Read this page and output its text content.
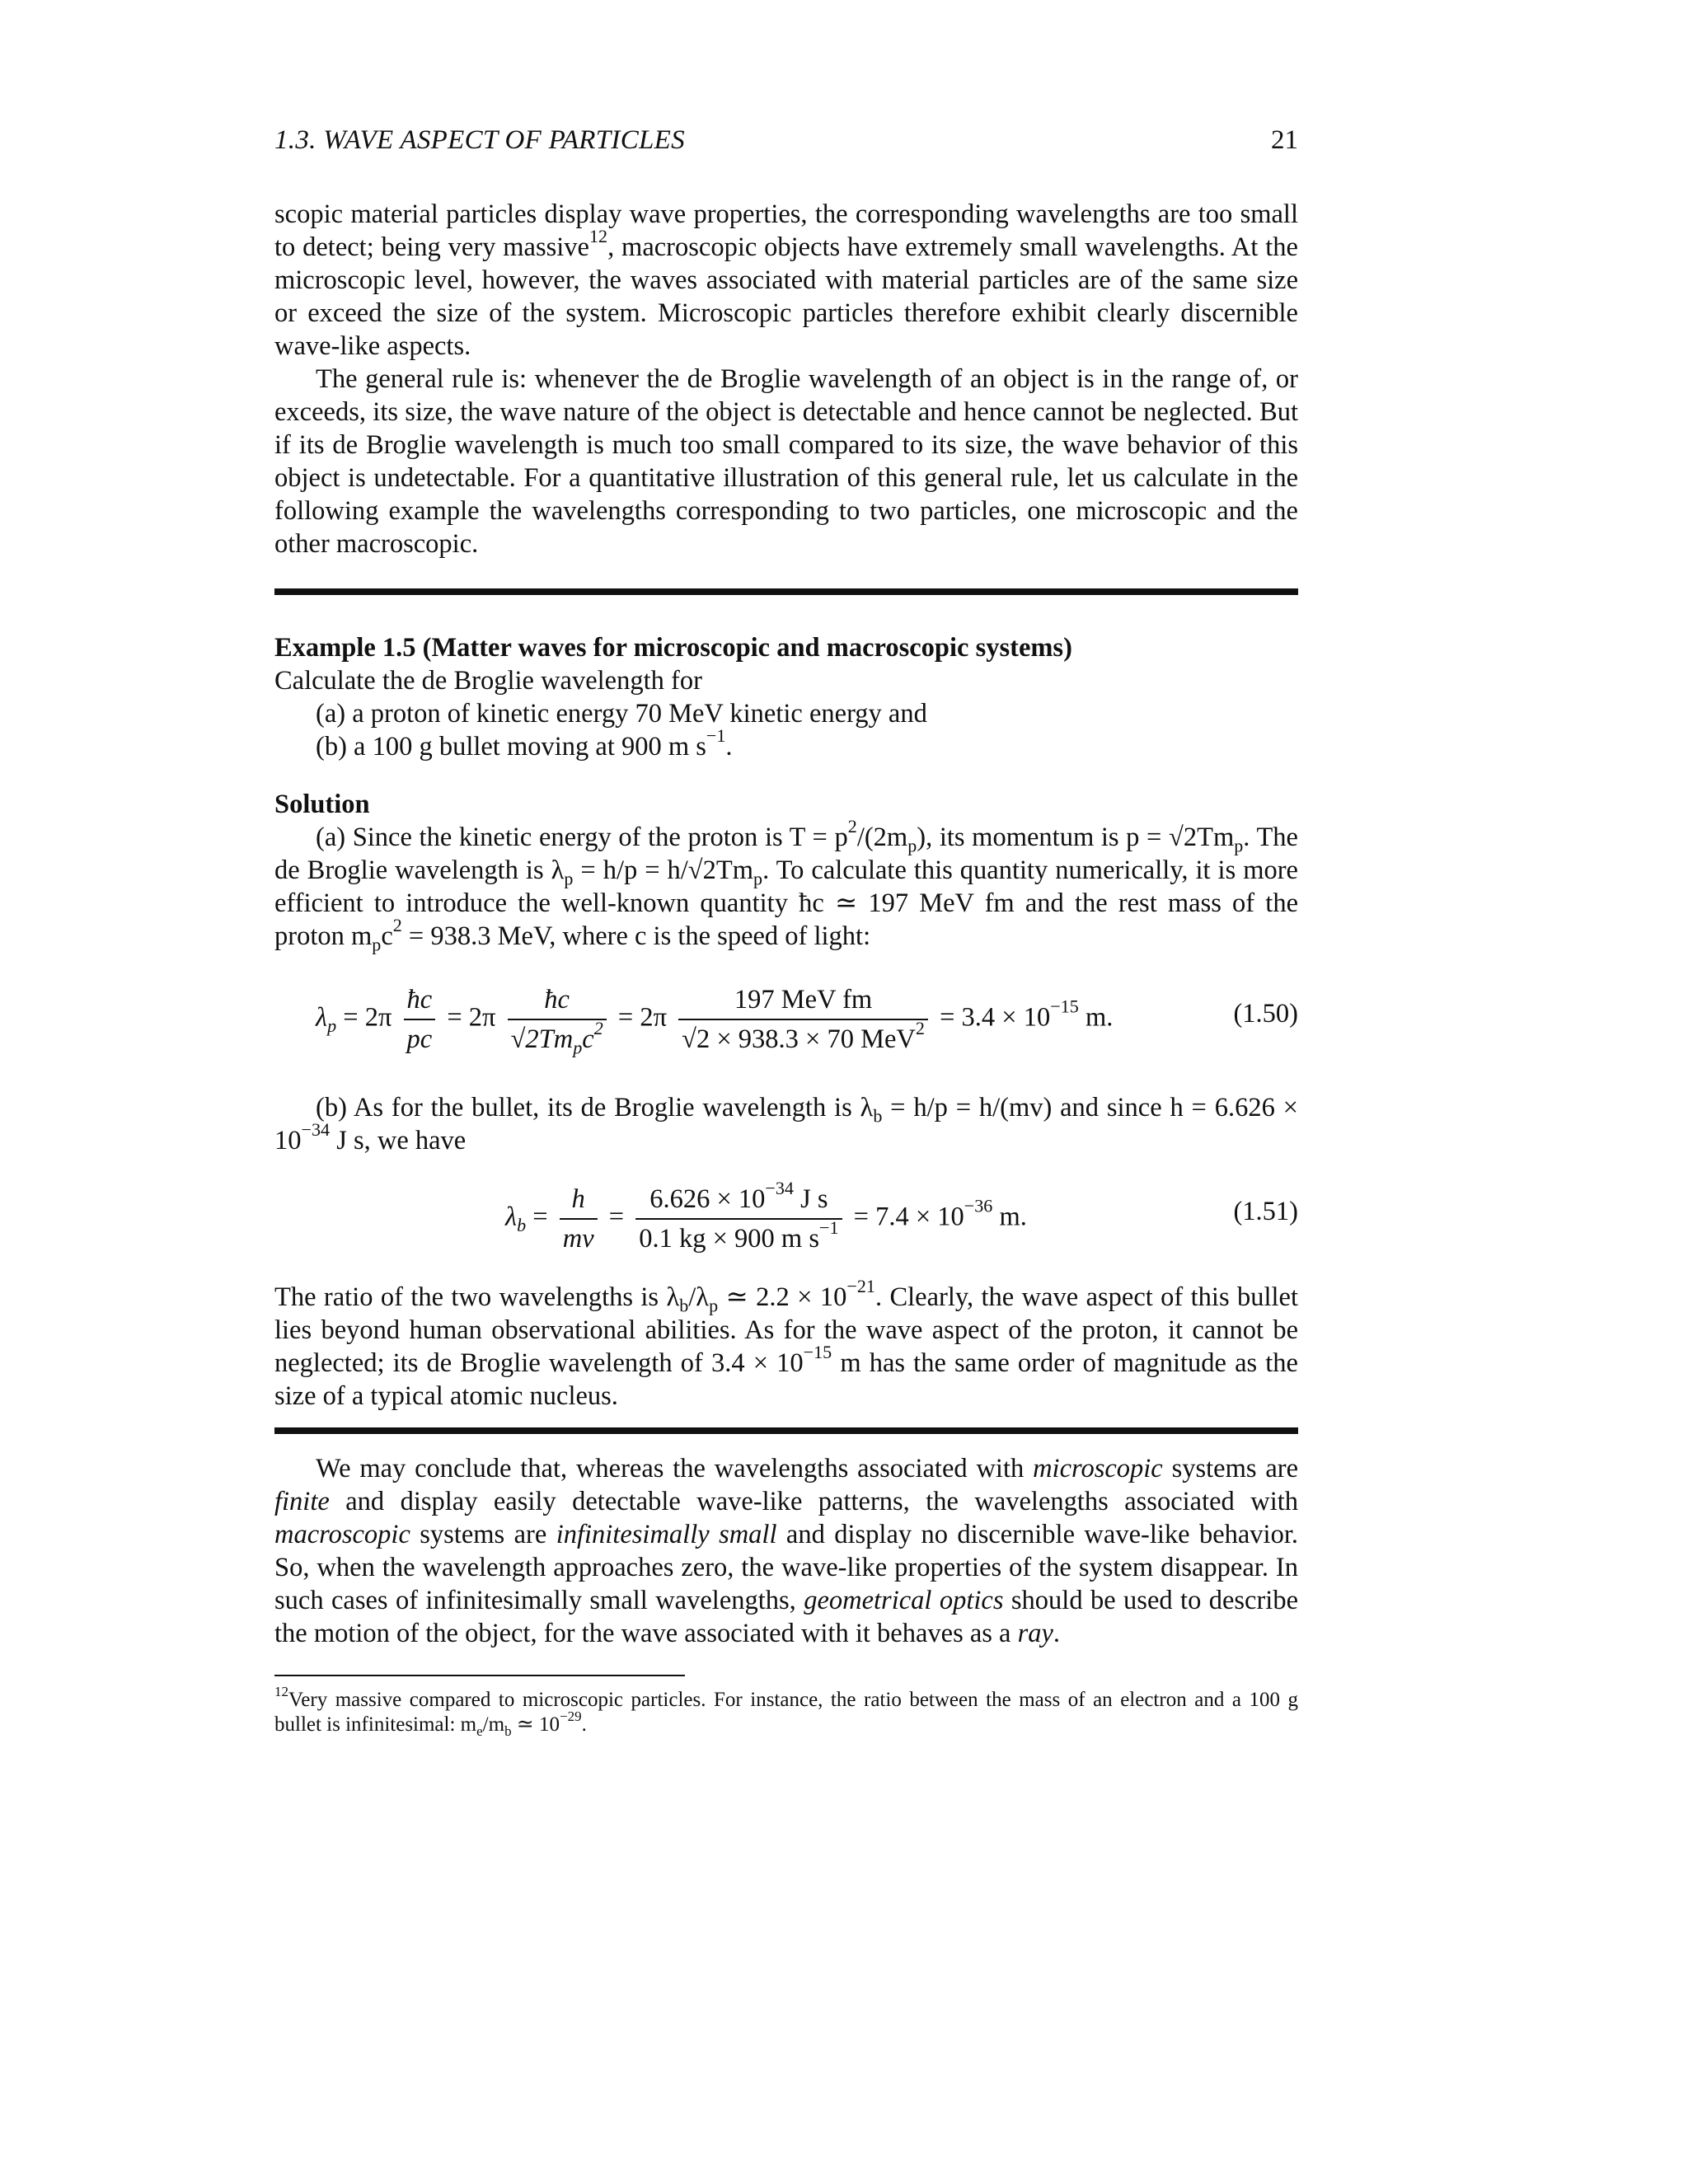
1.3. WAVE ASPECT OF PARTICLES	21

scopic material particles display wave properties, the corresponding wavelengths are too small to detect; being very massive$^{12}$, macroscopic objects have extremely small wavelengths. At the microscopic level, however, the waves associated with material particles are of the same size or exceed the size of the system. Microscopic particles therefore exhibit clearly discernible wave-like aspects.

The general rule is: whenever the de Broglie wavelength of an object is in the range of, or exceeds, its size, the wave nature of the object is detectable and hence cannot be neglected. But if its de Broglie wavelength is much too small compared to its size, the wave behavior of this object is undetectable. For a quantitative illustration of this general rule, let us calculate in the following example the wavelengths corresponding to two particles, one microscopic and the other macroscopic.

Example 1.5 (Matter waves for microscopic and macroscopic systems)

Calculate the de Broglie wavelength for

(a) a proton of kinetic energy 70 MeV kinetic energy and

(b) a 100 g bullet moving at 900 m $s^{-1}$.

Solution

(a) Since the kinetic energy of the proton is $T = p^2/(2m_p)$, its momentum is $p = √2Tm_p$. The de Broglie wavelength is $\lambda_p = h/p = h/√2Tm_p$. To calculate this quantity numerically, it is more efficient to introduce the well-known quantity ħc ≃ 197 MeV fm and the rest mass of the proton $m_pc^2 = 938.3$ MeV, where c is the speed of light:

$\lambda_p = 2\pi \frac{ħc}{pc} = 2\pi \frac{ħc}{√2Tm_pc^2} = 2\pi \frac{\text{197 MeV fm}}{√2 \times 938.3 \times 70 MeV^2} = 3.4 \times 10^{-15}$ m.	(1.50)

(b) As for the bullet, its de Broglie wavelength is $\lambda_b = h/p = h/(mv)$ and since $h = 6.626 \times 10^{-34}$ J s, we have

$\lambda_b = \frac{h}{mv} = \frac{6.626 \times 10^{-34} J s}{0.1 kg \times 900 m s^{-1}} = 7.4 \times 10^{-36}$ m.	(1.51)

The ratio of the two wavelengths is $\lambda_b/\lambda_p$ ≃ $2.2 \times 10^{-21}$. Clearly, the wave aspect of this bullet lies beyond human observational abilities. As for the wave aspect of the proton, it cannot be neglected; its de Broglie wavelength of $3.4 \times 10^{-15}$ m has the same order of magnitude as the size of a typical atomic nucleus.

We may conclude that, whereas the wavelengths associated with microscopic systems are finite and display easily detectable wave-like patterns, the wavelengths associated with macroscopic systems are infinitesimally small and display no discernible wave-like behavior. So, when the wavelength approaches zero, the wave-like properties of the system disappear. In such cases of infinitesimally small wavelengths, geometrical optics should be used to describe the motion of the object, for the wave associated with it behaves as a ray.

$^{12}$Very massive compared to microscopic particles. For instance, the ratio between the mass of an electron and a 100 g bullet is infinitesimal: $m_e/m_b$ ≃ $10^{-29}$.
